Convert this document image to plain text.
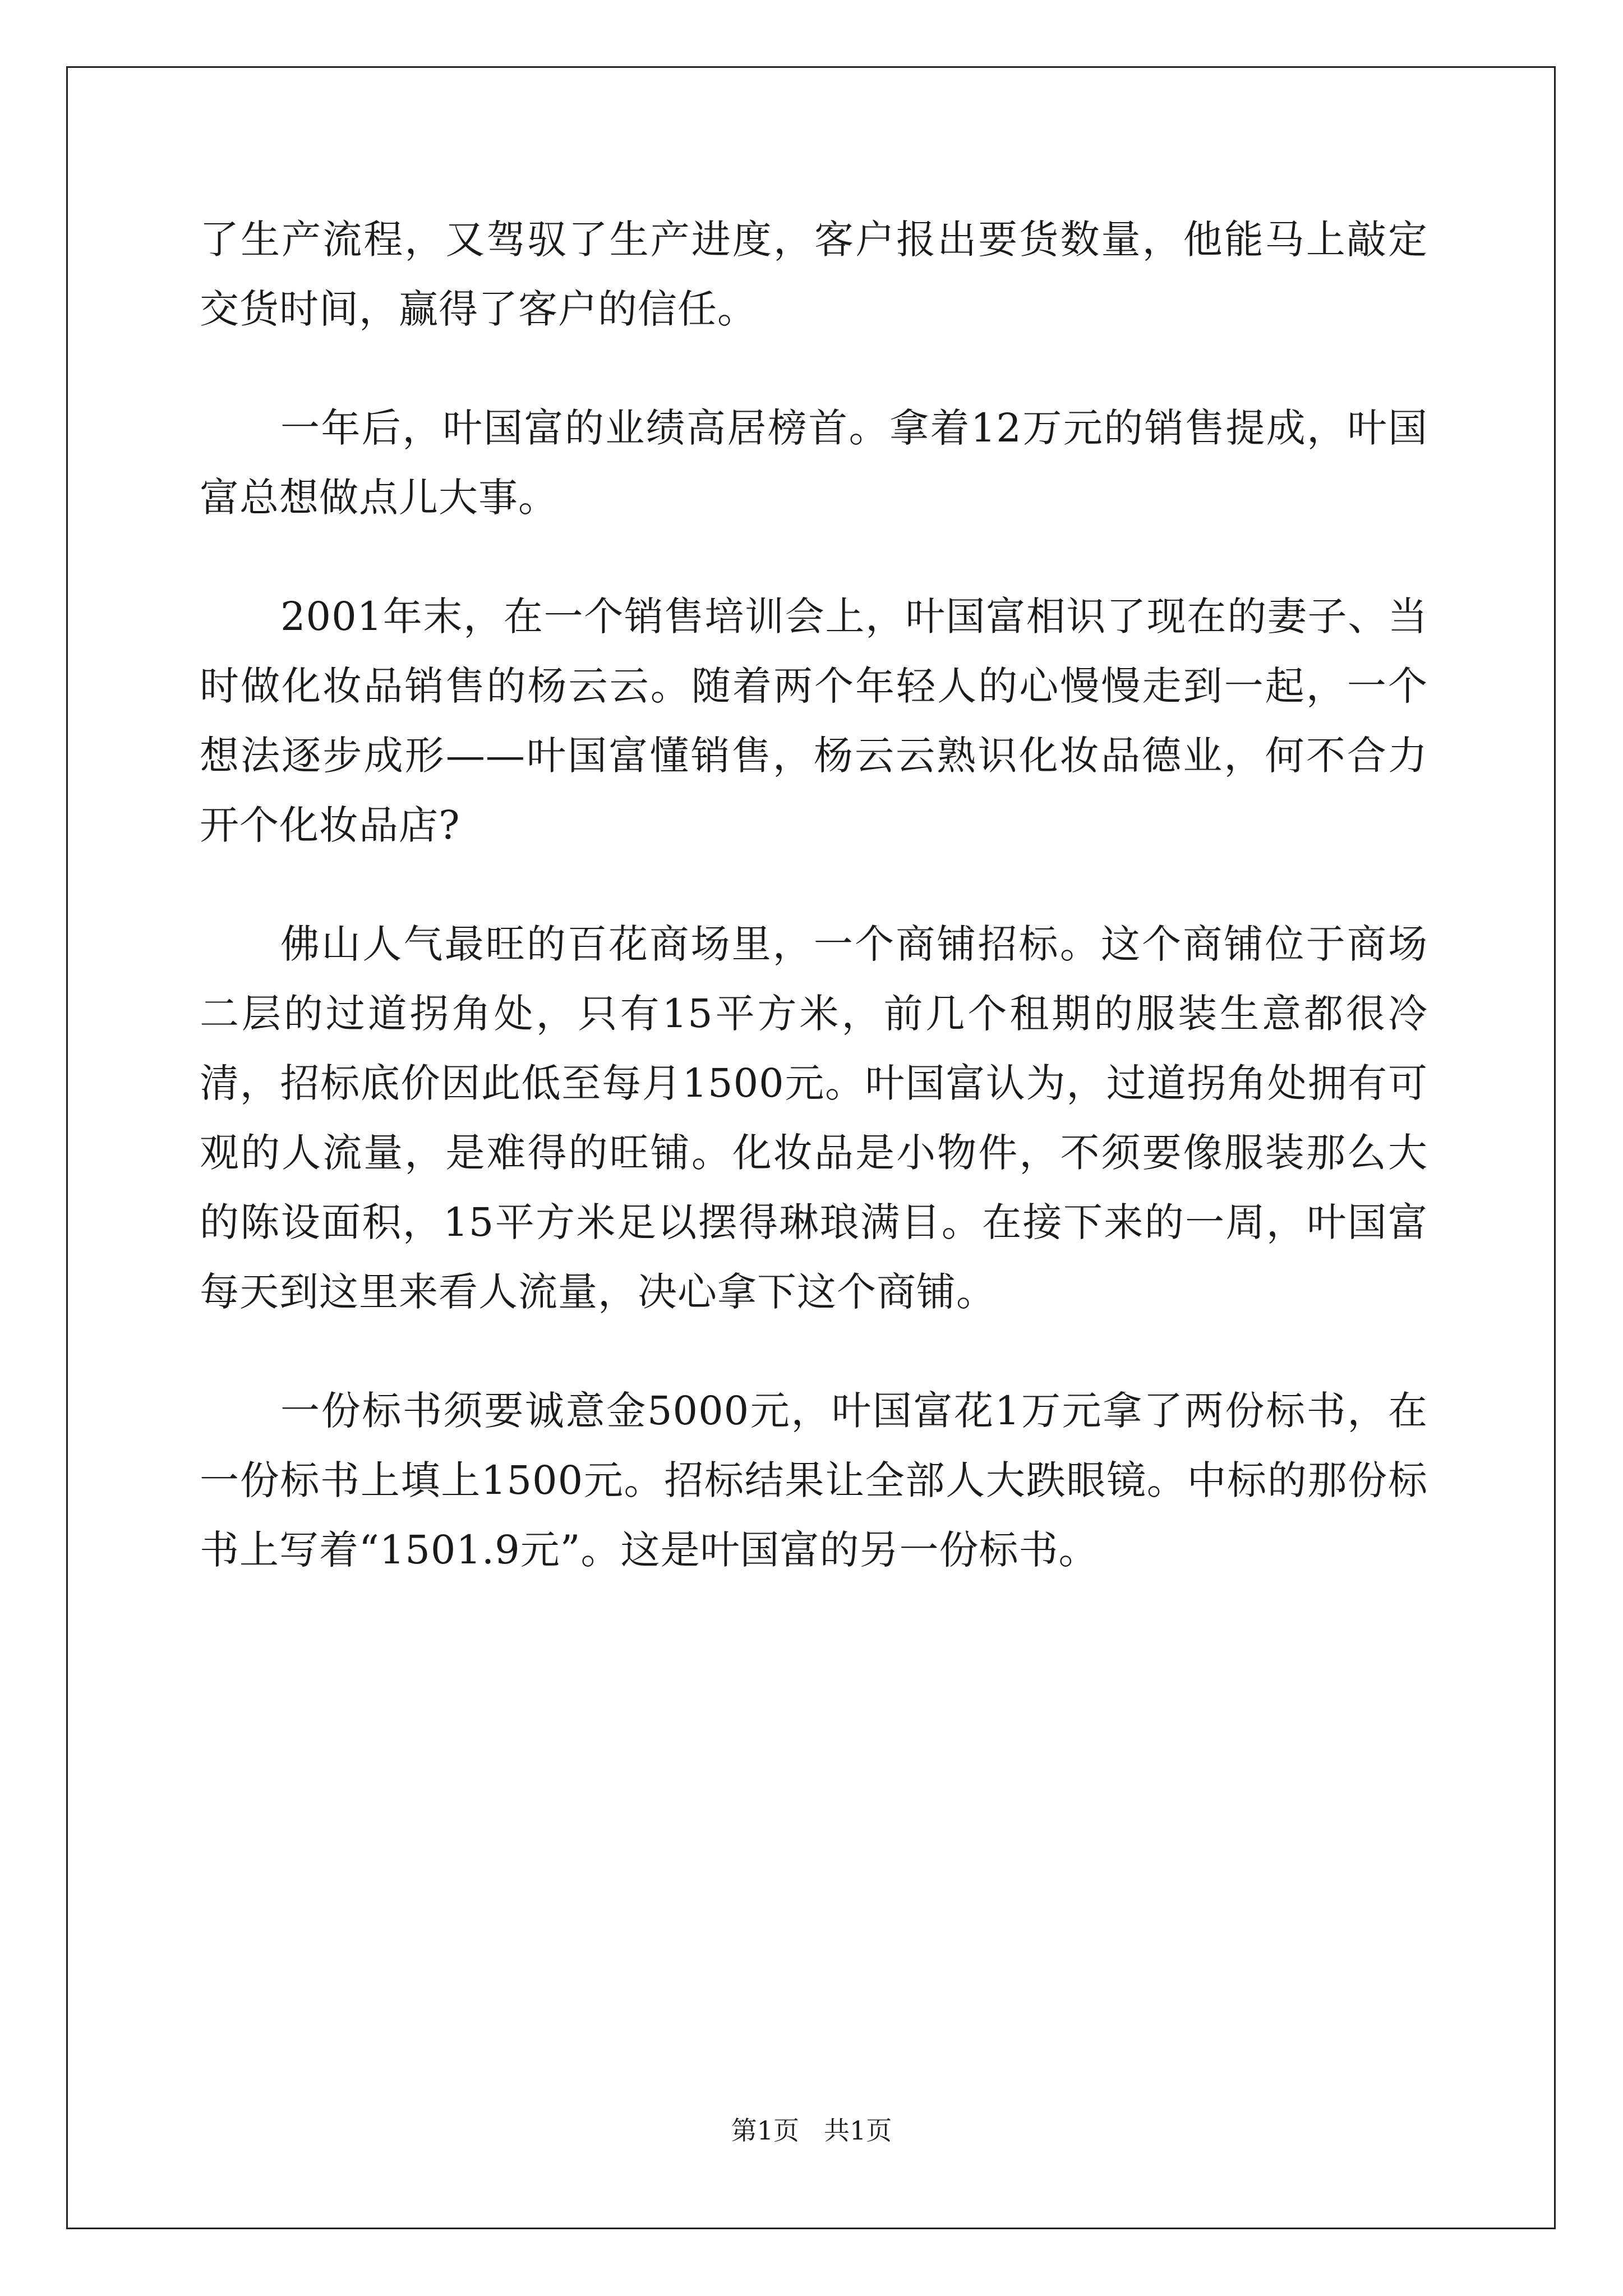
了生产流程，又驾驭了生产进度，客户报出要货数量，他能马上敲定交货时间，赢得了客户的信任。

一年后，叶国富的业绩高居榜首。拿着12万元的销售提成，叶国富总想做点儿大事。

2001年末，在一个销售培训会上，叶国富相识了现在的妻子、当时做化妆品销售的杨云云。随着两个年轻人的心慢慢走到一起，一个想法逐步成形——叶国富懂销售，杨云云熟识化妆品德业，何不合力开个化妆品店?

佛山人气最旺的百花商场里，一个商铺招标。这个商铺位于商场二层的过道拐角处，只有15平方米，前几个租期的服装生意都很冷清，招标底价因此低至每月1500元。叶国富认为，过道拐角处拥有可观的人流量，是难得的旺铺。化妆品是小物件，不须要像服装那么大的陈设面积，15平方米足以摆得琳琅满目。在接下来的一周，叶国富每天到这里来看人流量，决心拿下这个商铺。

一份标书须要诚意金5000元，叶国富花1万元拿了两份标书，在一份标书上填上1500元。招标结果让全部人大跌眼镜。中标的那份标书上写着“1501.9元”。这是叶国富的另一份标书。

第1页 共1页
